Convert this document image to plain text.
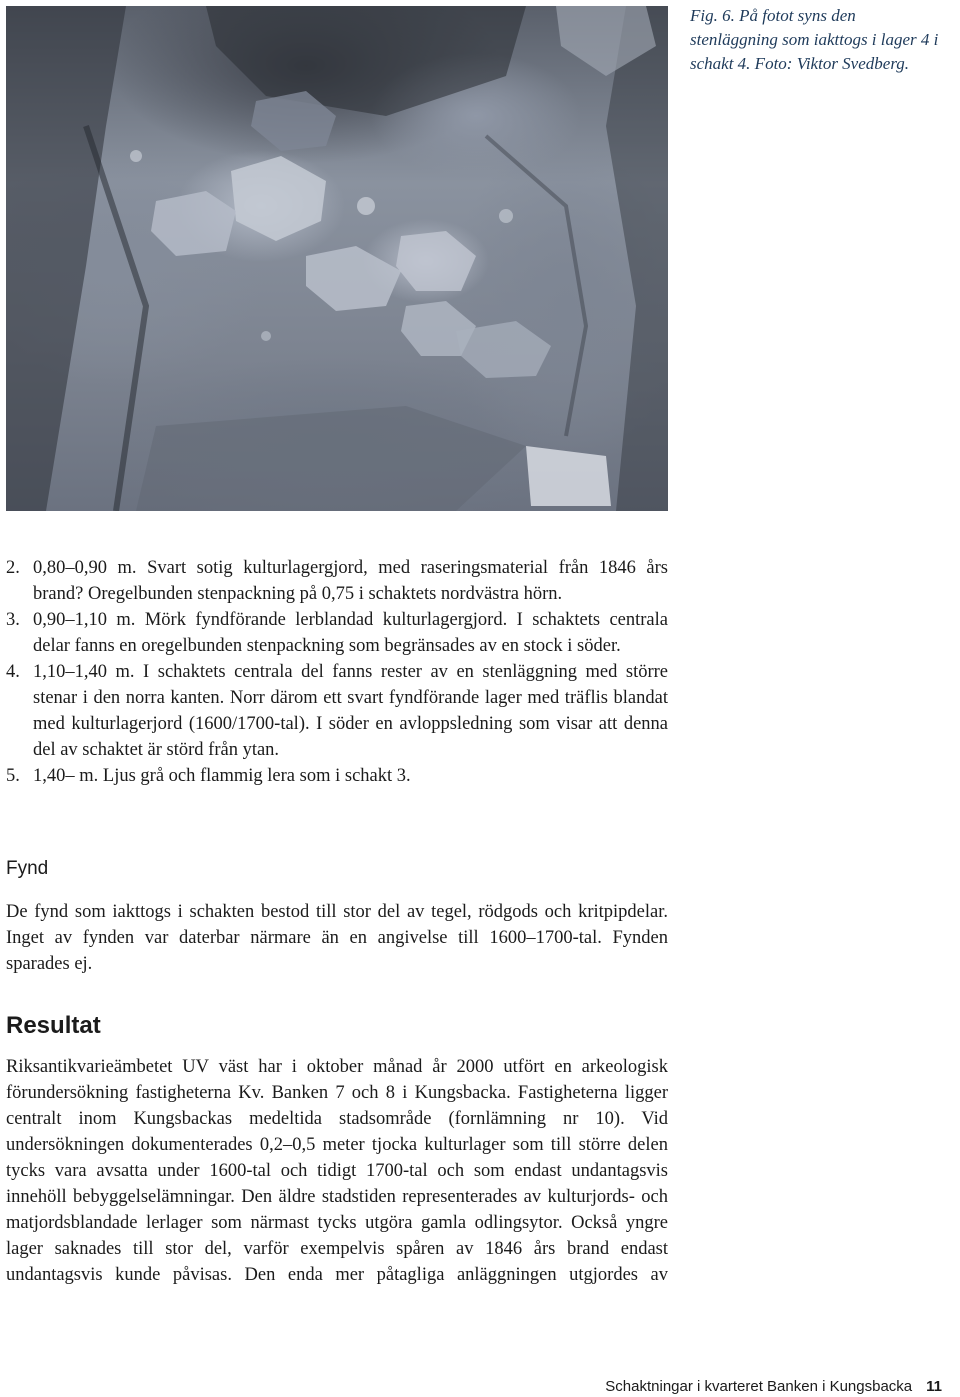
Fig. 6. På fotot syns den stenläggning som iakttogs i lager 4 i schakt 4. Foto: Viktor Svedberg.
2. 0,80–0,90 m. Svart sotig kulturlagergjord, med raseringsmaterial från 1846 års brand? Oregelbunden stenpackning på 0,75 i schaktets nordvästra hörn.

3. 0,90–1,10 m. Mörk fyndförande lerblandad kulturlagergjord. I schaktets centrala delar fanns en oregelbunden stenpackning som begränsades av en stock i söder.

4. 1,10–1,40 m. I schaktets centrala del fanns rester av en stenläggning med större stenar i den norra kanten. Norr därom ett svart fyndförande lager med träflis blandat med kulturlagerjord (1600/1700-tal). I söder en avloppsledning som visar att denna del av schaktet är störd från ytan.

5. 1,40– m. Ljus grå och flammig lera som i schakt 3.

Fynd

De fynd som iakttogs i schakten bestod till stor del av tegel, rödgods och kritpipdelar. Inget av fynden var daterbar närmare än en angivelse till 1600–1700-tal. Fynden sparades ej.

Resultat

Riksantikvarieämbetet UV väst har i oktober månad år 2000 utfört en arkeologisk förundersökning fastigheterna Kv. Banken 7 och 8 i Kungsbacka. Fastigheterna ligger centralt inom Kungsbackas medeltida stadsområde (fornlämning nr 10). Vid undersökningen dokumenterades 0,2–0,5 meter tjocka kulturlager som till större delen tycks vara avsatta under 1600-tal och tidigt 1700-tal och som endast undantagsvis innehöll bebyggelselämningar. Den äldre stadstiden representerades av kulturjords- och matjordsblandade lerlager som närmast tycks utgöra gamla odlingsytor. Också yngre lager saknades till stor del, varför exempelvis spåren av 1846 års brand endast undantagsvis kunde påvisas. Den enda mer påtagliga anläggningen utgjordes av

Schaktningar i kvarteret Banken i Kungsbacka 11
